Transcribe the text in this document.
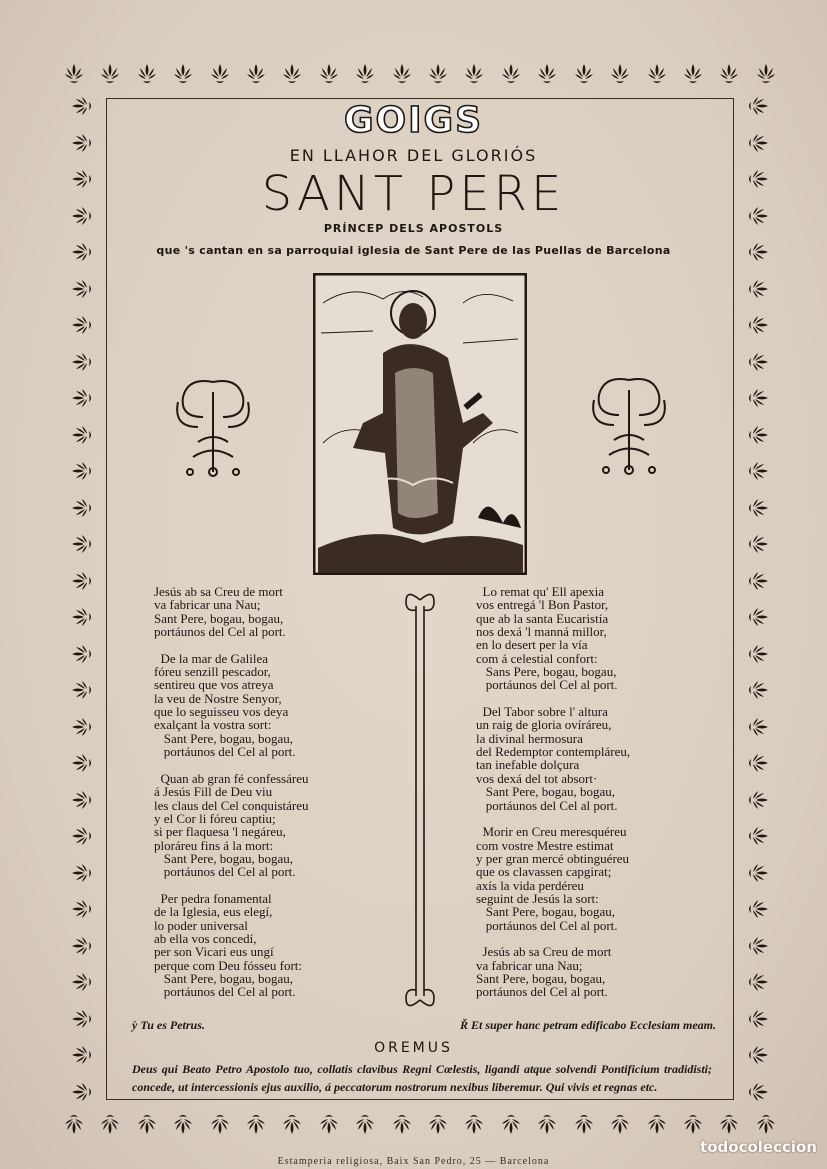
GOIGS
EN LLAHOR DEL GLORIÓS
SANT PERE
PRÍNCEP DELS APOSTOLS
que 's cantan en sa parroquial iglesia de Sant Pere de las Puellas de Barcelona
Jesús ab sa Creu de mort
va fabricar una Nau;
Sant Pere, bogau, bogau,
portáunos del Cel al port.

De la mar de Galilea
fóreu senzill pescador,
sentireu que vos atreya
la veu de Nostre Senyor,
que lo seguisseu vos deya
exalçant la vostra sort:
Sant Pere, bogau, bogau,
portáunos del Cel al port.

Quan ab gran fé confessáreu
á Jesús Fill de Deu viu
les claus del Cel conquistáreu
y el Cor li fóreu captiu;
si per flaquesa 'l negáreu,
ploráreu fins á la mort:
Sant Pere, bogau, bogau,
portáunos del Cel al port.

Per pedra fonamental
de la Iglesia, eus elegí,
lo poder universal
ab ella vos concedí,
per son Vicari eus ungí
perque com Deu fósseu fort:
Sant Pere, bogau, bogau,
portáunos del Cel al port.
Lo remat qu' Ell apexia
vos entregá 'l Bon Pastor,
que ab la santa Eucaristía
nos dexá 'l manná millor,
en lo desert per la vía
com á celestial confort:
Sans Pere, bogau, bogau,
portáunos del Cel al port.

Del Tabor sobre l' altura
un raig de gloria ovíráreu,
la divinal hermosura
del Redemptor contempláreu,
tan inefable dolçura
vos dexá del tot absort·
Sant Pere, bogau, bogau,
portáunos del Cel al port.

Morir en Creu meresquéreu
com vostre Mestre estimat
y per gran mercé obtinguéreu
que os clavassen capgirat;
axís la vida perdéreu
seguint de Jesús la sort:
Sant Pere, bogau, bogau,
portáunos del Cel al port.

Jesús ab sa Creu de mort
va fabricar una Nau;
Sant Pere, bogau, bogau,
portáunos del Cel al port.
ỳ Tu es Petrus.	Ř Et super hanc petram edificabo Ecclesiam meam.
OREMUS
Deus qui Beato Petro Apostolo tuo, collatis clavibus Regni Cœlestis, ligandi atque solvendi Pontificium tradidisti; concede, ut intercessionis ejus auxilio, á peccatorum nostrorum nexibus liberemur. Qui vivis et regnas etc.
Estamperia religiosa, Baix San Pedro, 25 — Barcelona
todocoleccion
